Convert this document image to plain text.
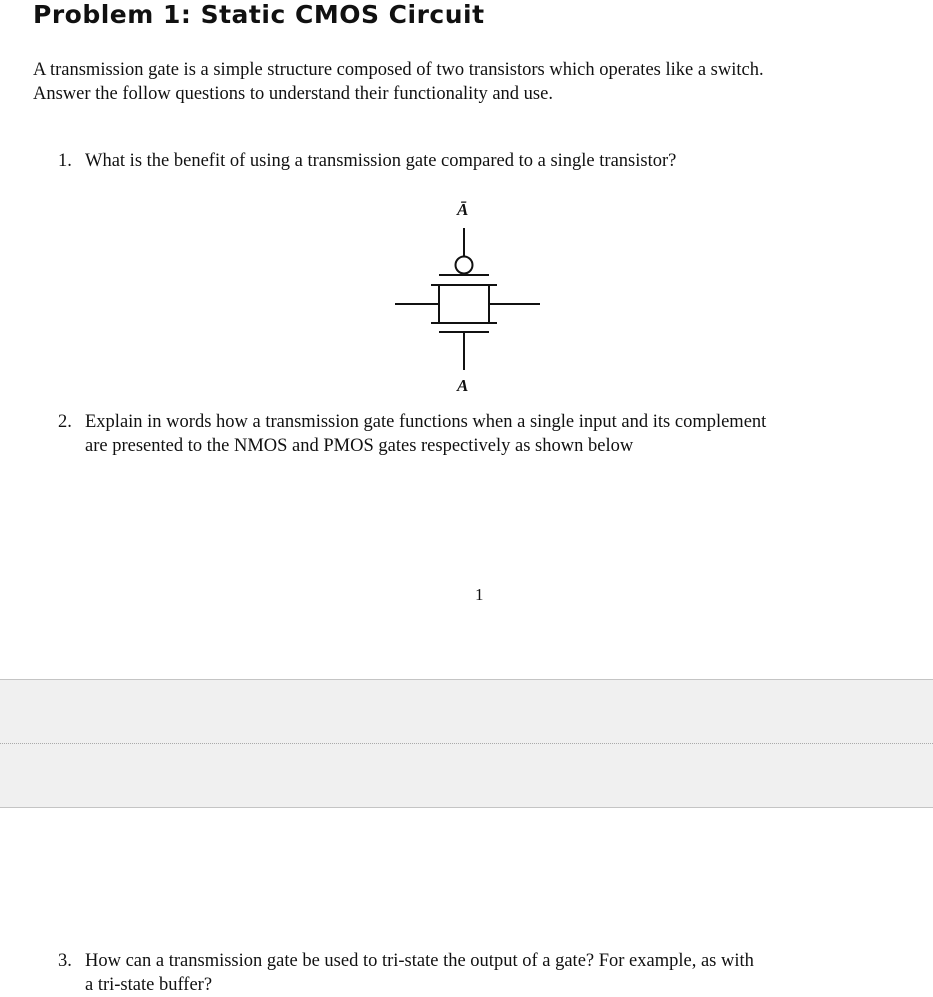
Problem 1: Static CMOS Circuit
A transmission gate is a simple structure composed of two transistors which operates like a switch.
Answer the follow questions to understand their functionality and use.
1. What is the benefit of using a transmission gate compared to a single transistor?
Ā
A
2. Explain in words how a transmission gate functions when a single input and its complement
are presented to the NMOS and PMOS gates respectively as shown below
1
3. How can a transmission gate be used to tri-state the output of a gate? For example, as with
a tri-state buffer?
